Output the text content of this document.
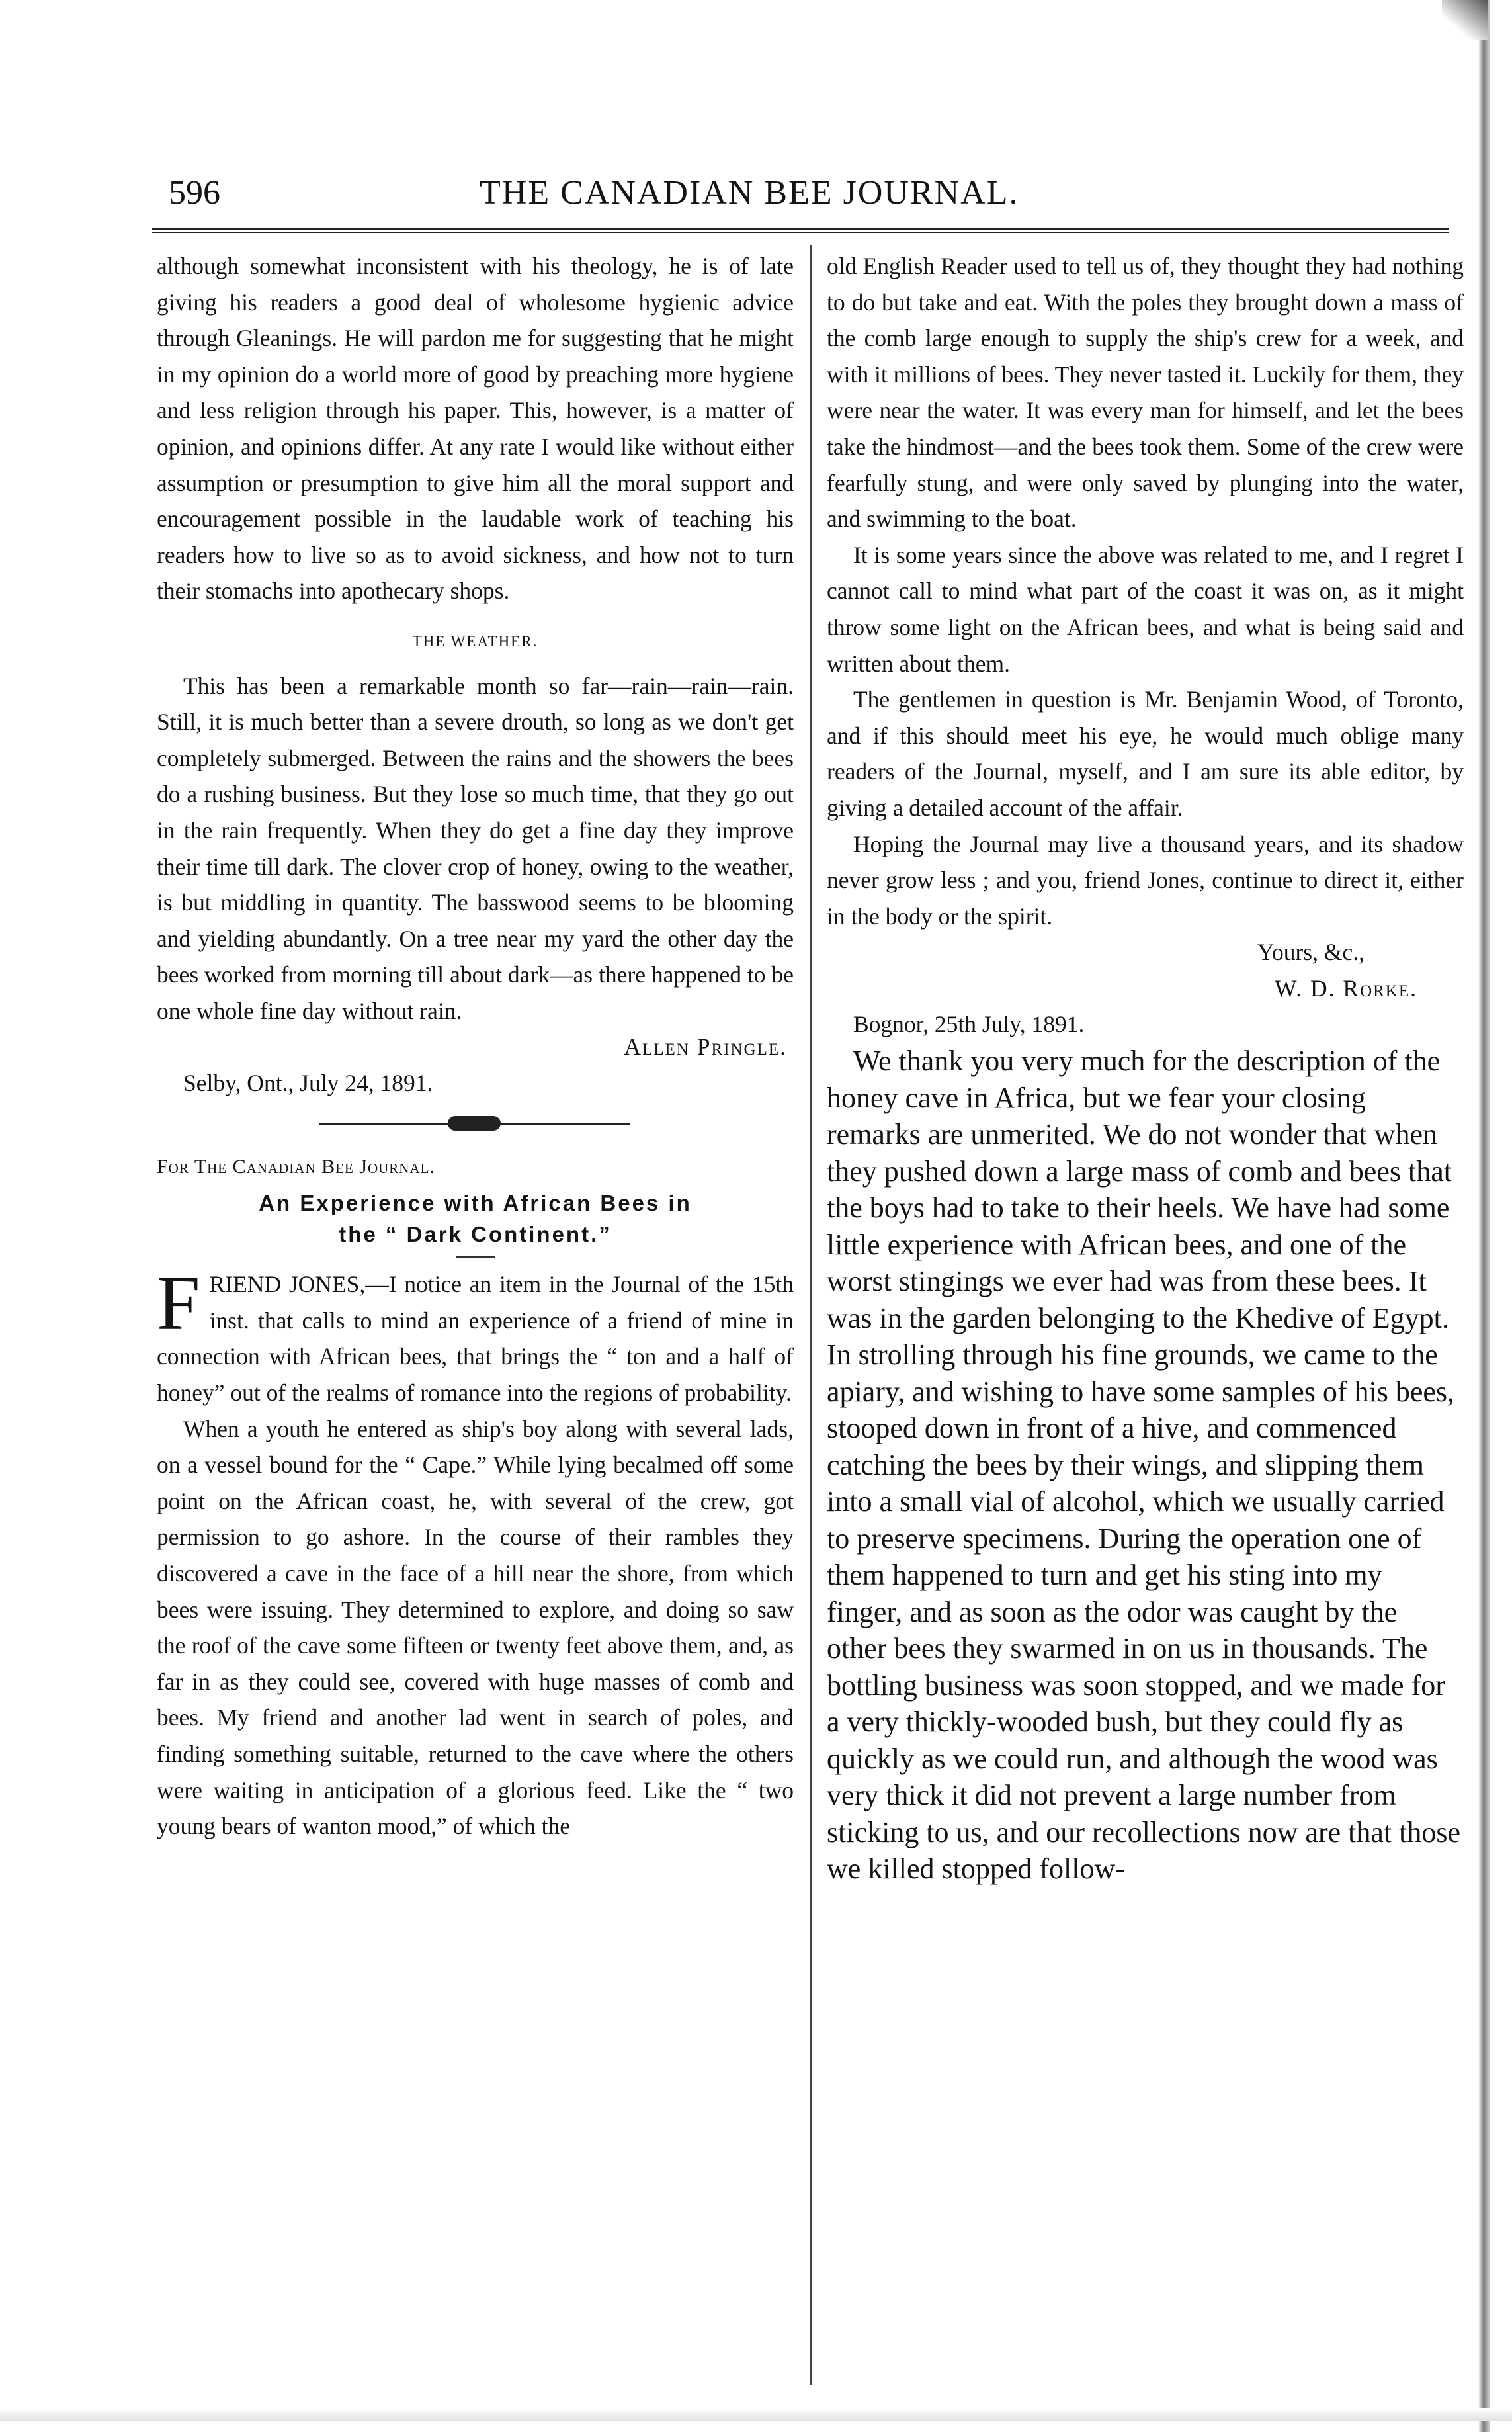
596	THE CANADIAN BEE JOURNAL.

although somewhat inconsistent with his theology, he is of late giving his readers a good deal of wholesome hygienic advice through Gleanings. He will pardon me for suggesting that he might in my opinion do a world more of good by preaching more hygiene and less religion through his paper. This, however, is a matter of opinion, and opinions differ. At any rate I would like without either assumption or presumption to give him all the moral support and encouragement possible in the laudable work of teaching his readers how to live so as to avoid sickness, and how not to turn their stomachs into apothecary shops.

THE WEATHER.

This has been a remarkable month so far—rain—rain—rain. Still, it is much better than a severe drouth, so long as we don't get completely submerged. Between the rains and the showers the bees do a rushing business. But they lose so much time, that they go out in the rain frequently. When they do get a fine day they improve their time till dark. The clover crop of honey, owing to the weather, is but middling in quantity. The basswood seems to be blooming and yielding abundantly. On a tree near my yard the other day the bees worked from morning till about dark—as there happened to be one whole fine day without rain.

Allen Pringle.

Selby, Ont., July 24, 1891.

For The Canadian Bee Journal.
An Experience with African Bees in
the “ Dark Continent.”

F RIEND JONES,—I notice an item in the Journal of the 15th inst. that calls to mind an experience of a friend of mine in connection with African bees, that brings the “ ton and a half of honey” out of the realms of romance into the regions of probability.

When a youth he entered as ship's boy along with several lads, on a vessel bound for the “ Cape.” While lying becalmed off some point on the African coast, he, with several of the crew, got permission to go ashore. In the course of their rambles they discovered a cave in the face of a hill near the shore, from which bees were issuing. They determined to explore, and doing so saw the roof of the cave some fifteen or twenty feet above them, and, as far in as they could see, covered with huge masses of comb and bees. My friend and another lad went in search of poles, and finding something suitable, returned to the cave where the others were waiting in anticipation of a glorious feed. Like the “ two young bears of wanton mood,” of which the

old English Reader used to tell us of, they thought they had nothing to do but take and eat. With the poles they brought down a mass of the comb large enough to supply the ship's crew for a week, and with it millions of bees. They never tasted it. Luckily for them, they were near the water. It was every man for himself, and let the bees take the hindmost—and the bees took them. Some of the crew were fearfully stung, and were only saved by plunging into the water, and swimming to the boat.

It is some years since the above was related to me, and I regret I cannot call to mind what part of the coast it was on, as it might throw some light on the African bees, and what is being said and written about them.

The gentlemen in question is Mr. Benjamin Wood, of Toronto, and if this should meet his eye, he would much oblige many readers of the Journal, myself, and I am sure its able editor, by giving a detailed account of the affair.

Hoping the Journal may live a thousand years, and its shadow never grow less ; and you, friend Jones, continue to direct it, either in the body or the spirit.

Yours, &c.,
W. D. Rorke.

Bognor, 25th July, 1891.

We thank you very much for the description of the honey cave in Africa, but we fear your closing remarks are unmerited. We do not wonder that when they pushed down a large mass of comb and bees that the boys had to take to their heels. We have had some little experience with African bees, and one of the worst stingings we ever had was from these bees. It was in the garden belonging to the Khedive of Egypt. In strolling through his fine grounds, we came to the apiary, and wishing to have some samples of his bees, stooped down in front of a hive, and commenced catching the bees by their wings, and slipping them into a small vial of alcohol, which we usually carried to preserve specimens. During the operation one of them happened to turn and get his sting into my finger, and as soon as the odor was caught by the other bees they swarmed in on us in thousands. The bottling business was soon stopped, and we made for a very thickly-wooded bush, but they could fly as quickly as we could run, and although the wood was very thick it did not prevent a large number from sticking to us, and our recollections now are that those we killed stopped follow-
